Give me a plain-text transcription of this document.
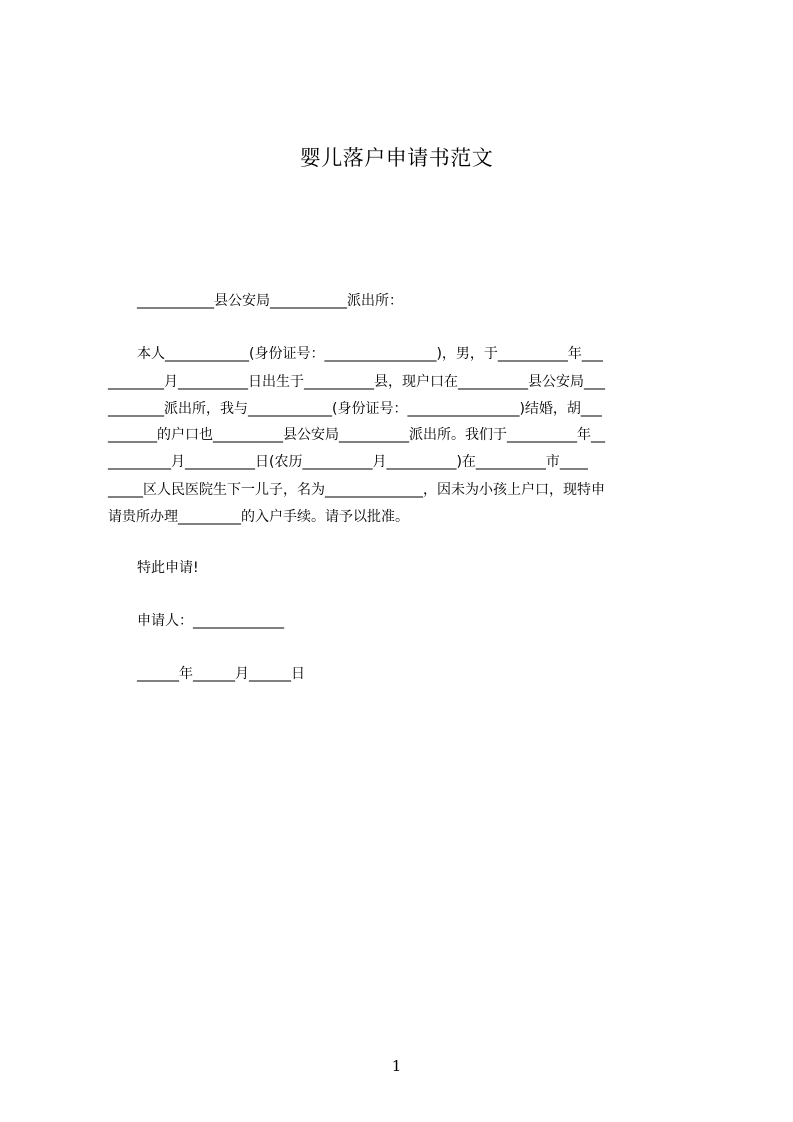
婴儿落户申请书范文
___________县公安局___________派出所：
本人____________(身份证号：________________)，男，于__________年___
________月__________日出生于__________县，现户口在__________县公安局___
________派出所，我与____________(身份证号：________________)结婚，胡___
_______的户口也__________县公安局__________派出所。我们于__________年__
_________月__________日(农历__________月__________)在__________市____
_____区人民医院生下一儿子，名为______________，因未为小孩上户口，现特申
请贵所办理_________的入户手续。请予以批准。
特此申请!
申请人：_____________
______年______月______日
1
